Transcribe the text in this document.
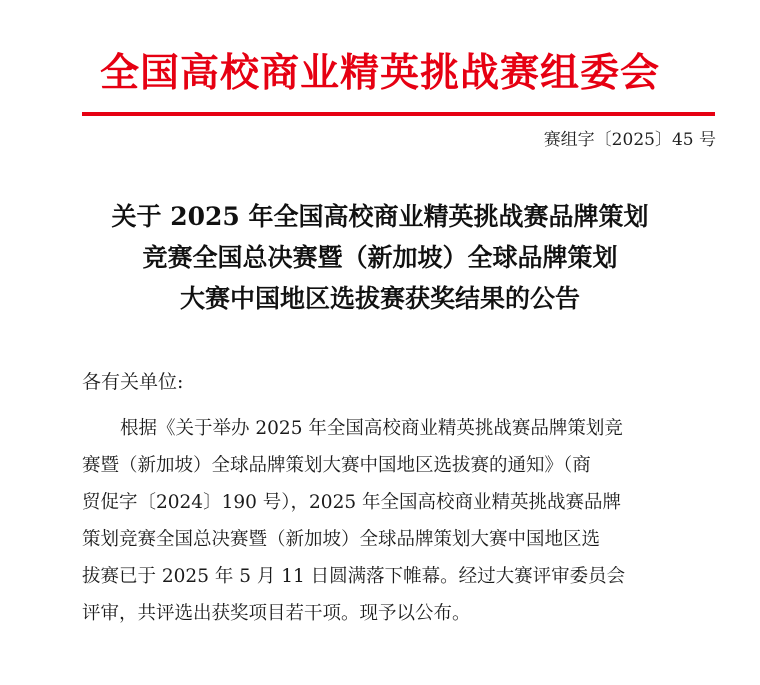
全国高校商业精英挑战赛组委会
赛组字〔2025〕45 号
关于 2025 年全国高校商业精英挑战赛品牌策划
竞赛全国总决赛暨（新加坡）全球品牌策划
大赛中国地区选拔赛获奖结果的公告
各有关单位:
根据《关于举办 2025 年全国高校商业精英挑战赛品牌策划竞
赛暨（新加坡）全球品牌策划大赛中国地区选拔赛的通知》（商
贸促字〔2024〕190 号），2025 年全国高校商业精英挑战赛品牌
策划竞赛全国总决赛暨（新加坡）全球品牌策划大赛中国地区选
拔赛已于 2025 年 5 月 11 日圆满落下帷幕。经过大赛评审委员会
评审，共评选出获奖项目若干项。现予以公布。
